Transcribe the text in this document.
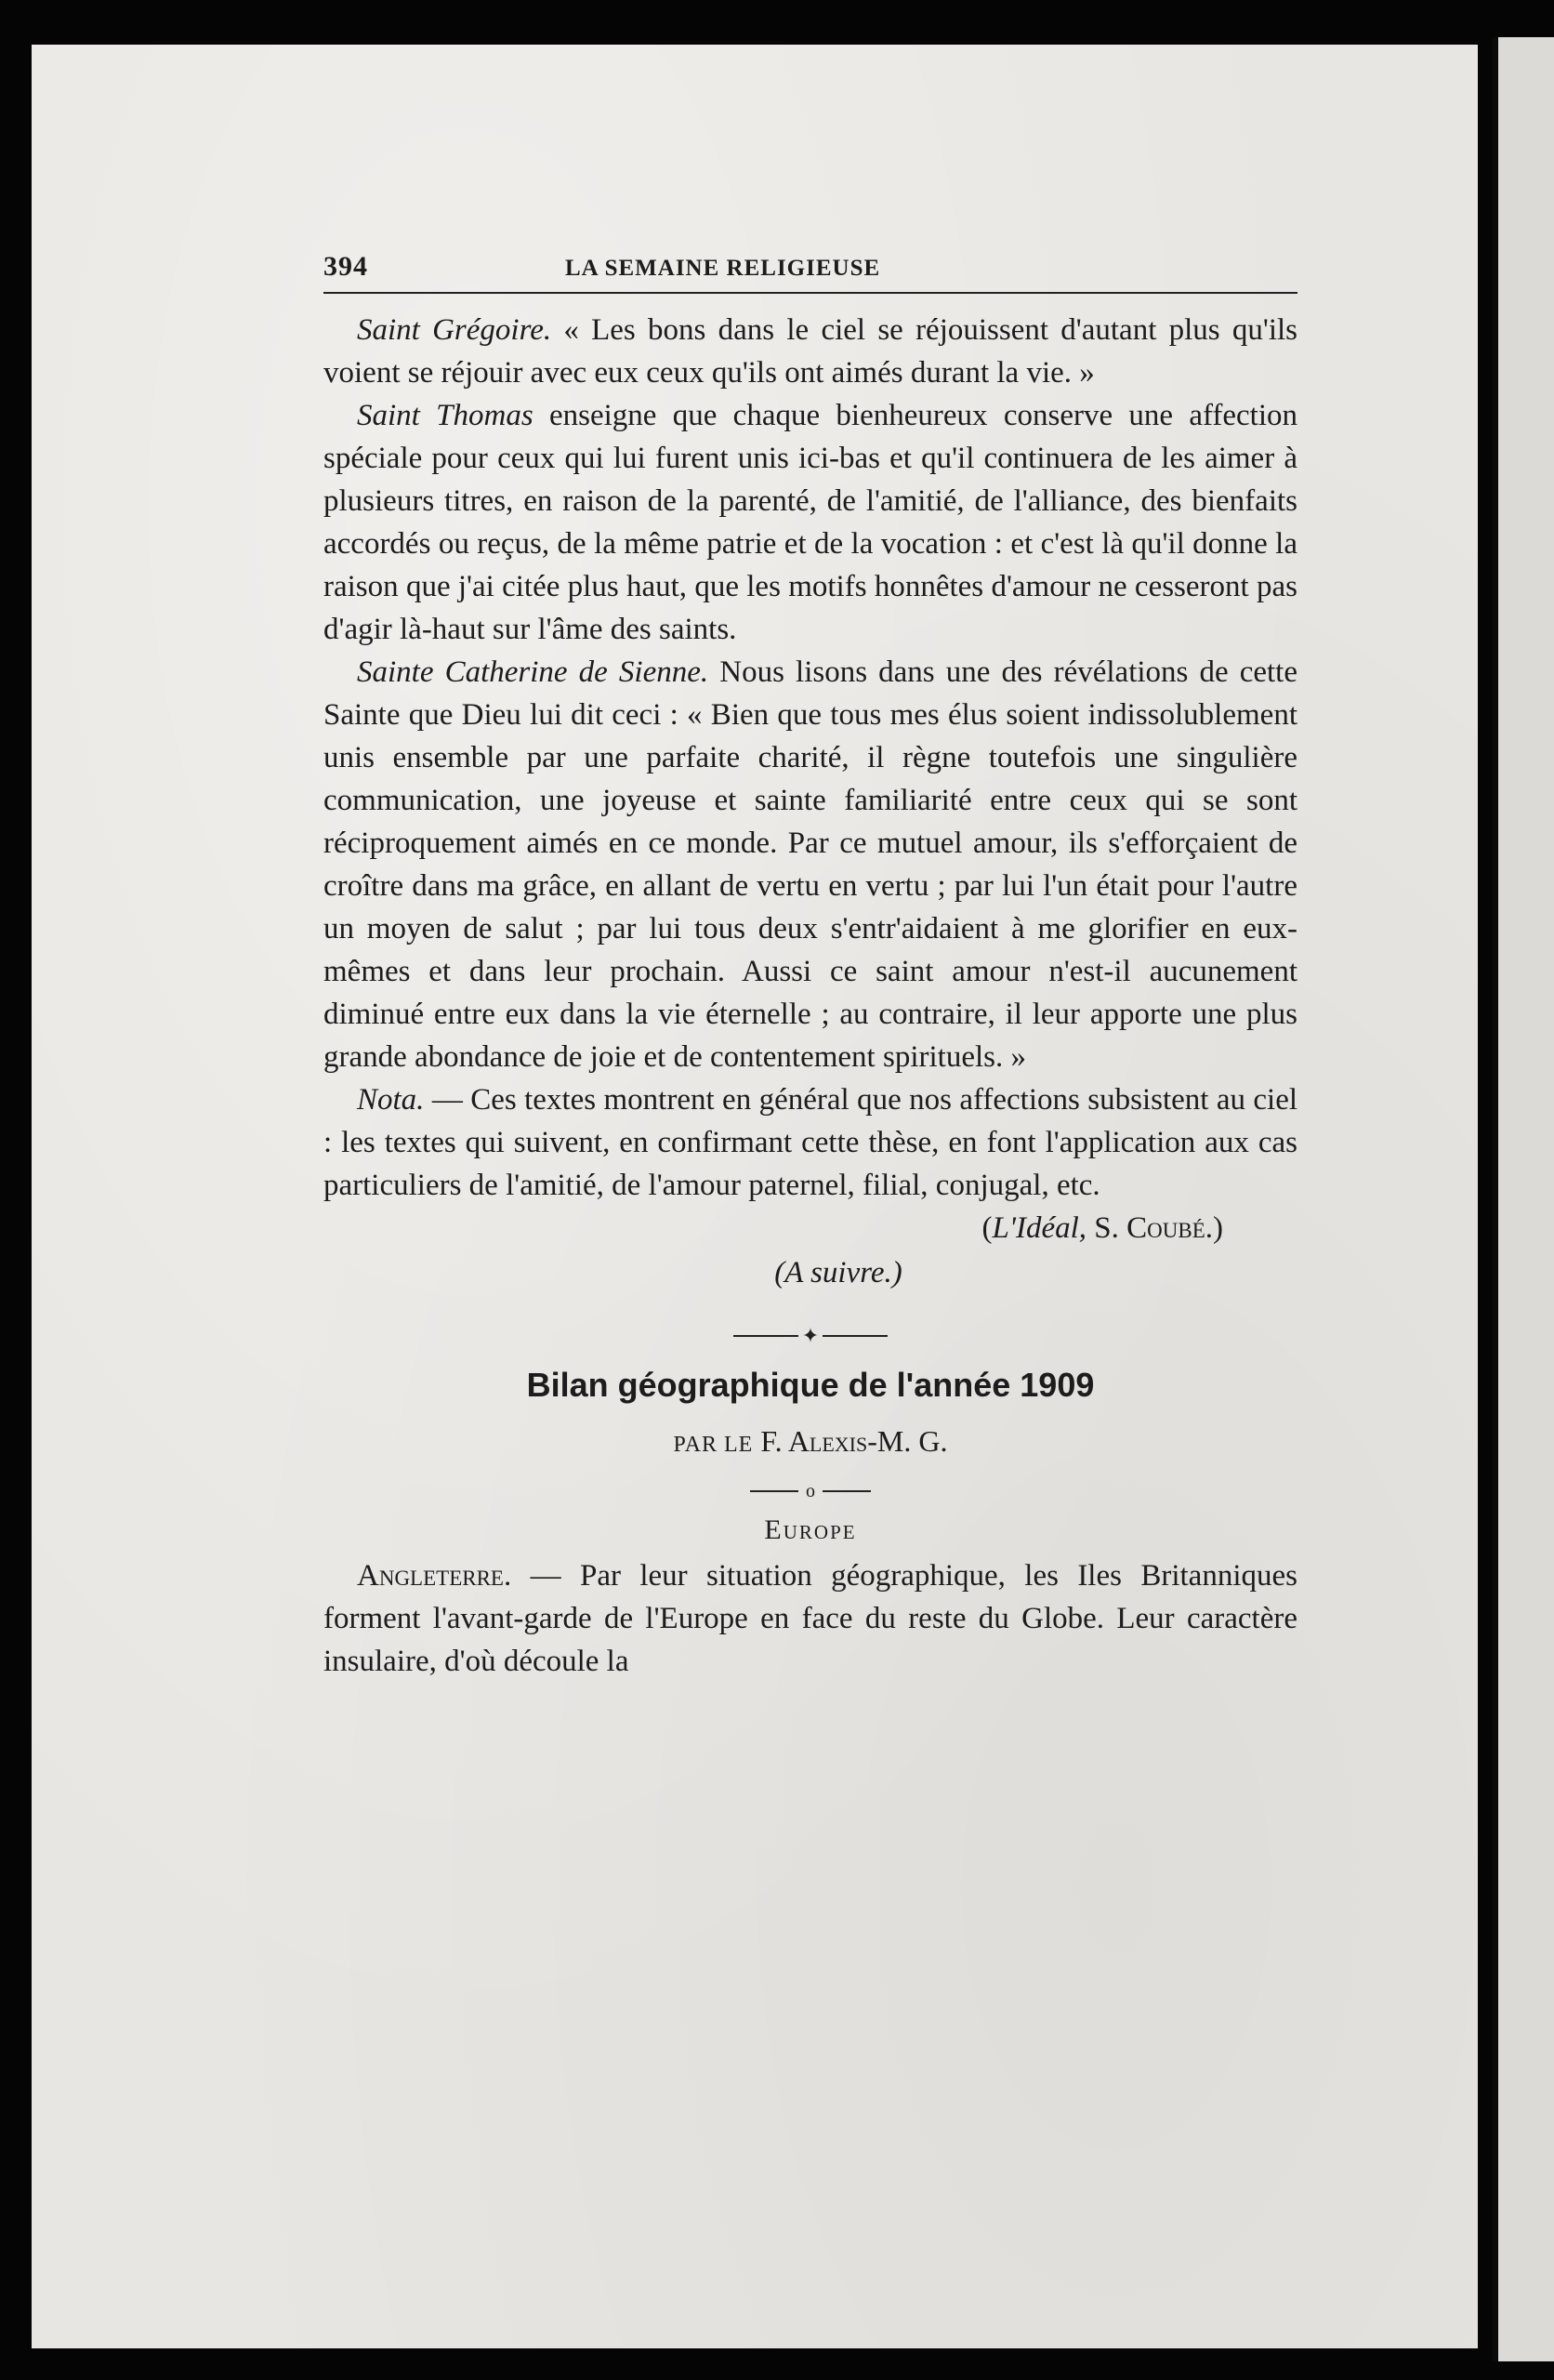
394	LA SEMAINE RELIGIEUSE

Saint Grégoire. « Les bons dans le ciel se réjouissent d'autant plus qu'ils voient se réjouir avec eux ceux qu'ils ont aimés durant la vie. »

Saint Thomas enseigne que chaque bienheureux conserve une affection spéciale pour ceux qui lui furent unis ici-bas et qu'il continuera de les aimer à plusieurs titres, en raison de la parenté, de l'amitié, de l'alliance, des bienfaits accordés ou reçus, de la même patrie et de la vocation : et c'est là qu'il donne la raison que j'ai citée plus haut, que les motifs honnêtes d'amour ne cesseront pas d'agir là-haut sur l'âme des saints.

Sainte Catherine de Sienne. Nous lisons dans une des révélations de cette Sainte que Dieu lui dit ceci : « Bien que tous mes élus soient indissolublement unis ensemble par une parfaite charité, il règne toutefois une singulière communication, une joyeuse et sainte familiarité entre ceux qui se sont réciproquement aimés en ce monde. Par ce mutuel amour, ils s'efforçaient de croître dans ma grâce, en allant de vertu en vertu ; par lui l'un était pour l'autre un moyen de salut ; par lui tous deux s'entr'aidaient à me glorifier en eux-mêmes et dans leur prochain. Aussi ce saint amour n'est-il aucunement diminué entre eux dans la vie éternelle ; au contraire, il leur apporte une plus grande abondance de joie et de contentement spirituels. »

Nota. — Ces textes montrent en général que nos affections subsistent au ciel : les textes qui suivent, en confirmant cette thèse, en font l'application aux cas particuliers de l'amitié, de l'amour paternel, filial, conjugal, etc.

(L'Idéal, S. Coubé.)
(A suivre.)
✦
Bilan géographique de l'année 1909
PAR LE F. Alexis-M. G.
o
Europe

Angleterre. — Par leur situation géographique, les Iles Britanniques forment l'avant-garde de l'Europe en face du reste du Globe. Leur caractère insulaire, d'où découle la
